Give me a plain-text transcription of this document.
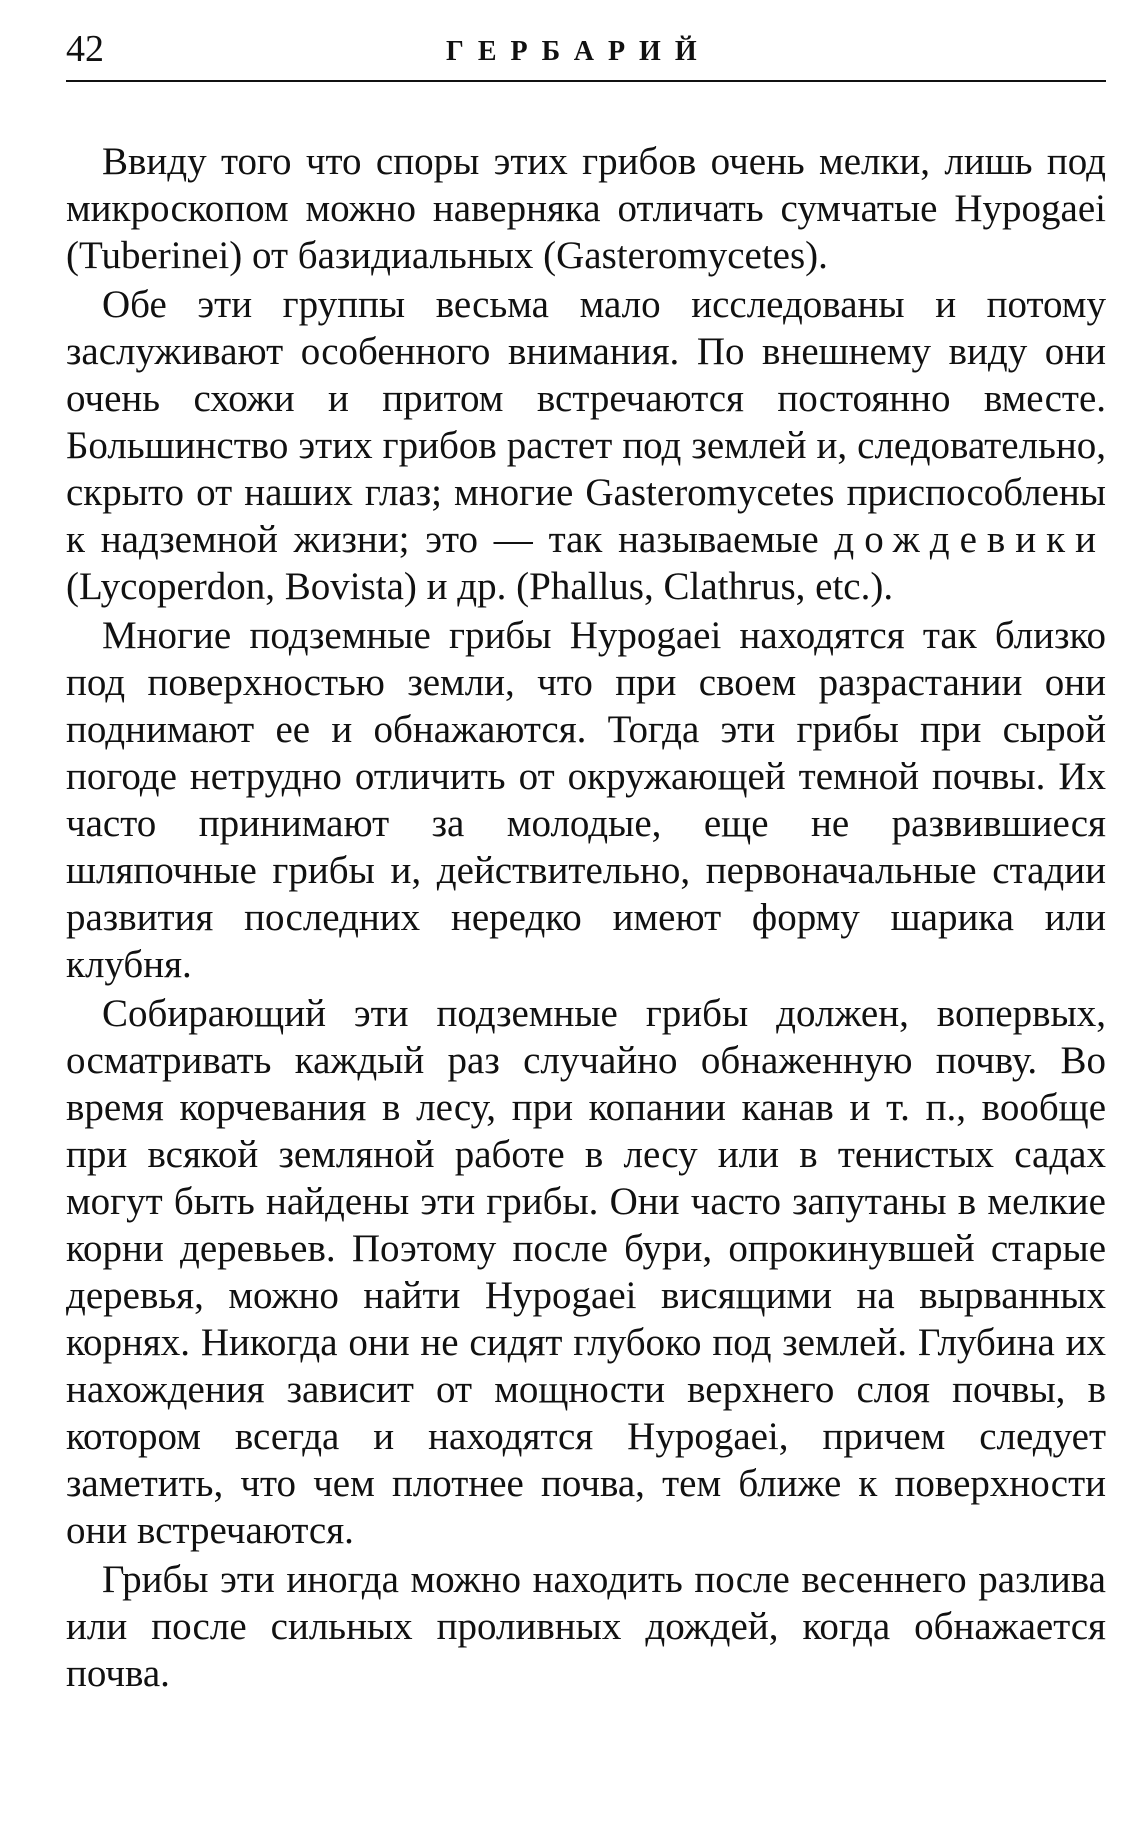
42	ГЕРБАРИЙ

Ввиду того что споры этих грибов очень мелки, лишь под микроскопом можно наверняка отличать сумчатые Hypogaei (Tuberinei) от базидиальных (Gasteromycetes).

Обе эти группы весьма мало исследованы и потому заслуживают особенного внимания. По внешнему виду они очень схожи и притом встречаются постоянно вместе. Большинство этих грибов растет под землей и, следовательно, скрыто от наших глаз; многие Gasteromycetes приспособлены к надземной жизни; это — так называемые дождевики (Lycoperdon, Bovista) и др. (Phallus, Clathrus, etc.).

Многие подземные грибы Hypogaei находятся так близко под поверхностью земли, что при своем разрастании они поднимают ее и обнажаются. Тогда эти грибы при сырой погоде нетрудно отличить от окружающей темной почвы. Их часто принимают за молодые, еще не развившиеся шляпочные грибы и, действительно, первоначальные стадии развития последних нередко имеют форму шарика или клубня.

Собирающий эти подземные грибы должен, вопервых, осматривать каждый раз случайно обнаженную почву. Во время корчевания в лесу, при копании канав и т. п., вообще при всякой земляной работе в лесу или в тенистых садах могут быть найдены эти грибы. Они часто запутаны в мелкие корни деревьев. Поэтому после бури, опрокинувшей старые деревья, можно найти Hypogaei висящими на вырванных корнях. Никогда они не сидят глубоко под землей. Глубина их нахождения зависит от мощности верхнего слоя почвы, в котором всегда и находятся Hypogaei, причем следует заметить, что чем плотнее почва, тем ближе к поверхности они встречаются.

Грибы эти иногда можно находить после весеннего разлива или после сильных проливных дождей, когда обнажается почва.
